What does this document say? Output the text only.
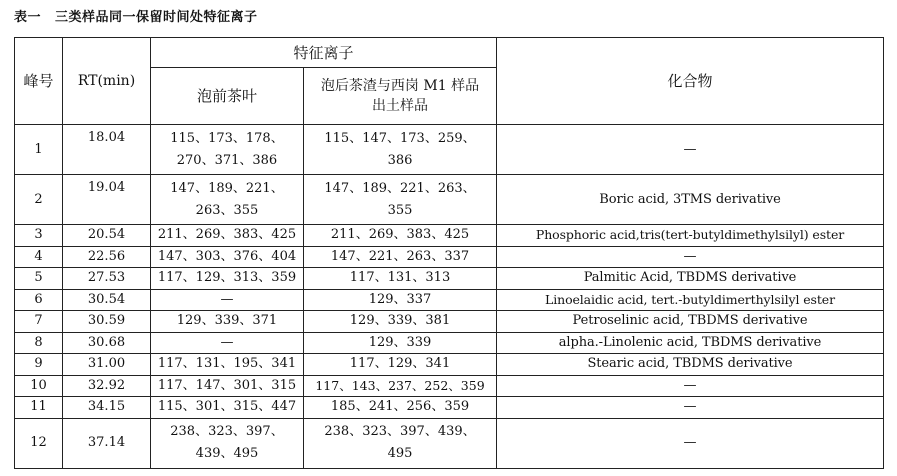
表一 三类样品同一保留时间处特征离子
峰号	RT(min)	特征离子		化合物
		泡前茶叶	泡后茶渣与西岗 M1 样品出土样品	
1	18.04	115、173、178、270、371、386	115、147、173、259、386	—
2	19.04	147、189、221、263、355	147、189、221、263、355	Boric acid, 3TMS derivative
3	20.54	211、269、383、425	211、269、383、425	Phosphoric acid,tris(tert-butyldimethylsilyl) ester
4	22.56	147、303、376、404	147、221、263、337	—
5	27.53	117、129、313、359	117、131、313	Palmitic Acid, TBDMS derivative
6	30.54	—	129、337	Linoelaidic acid, tert.-butyldimerthylsilyl ester
7	30.59	129、339、371	129、339、381	Petroselinic acid, TBDMS derivative
8	30.68	—	129、339	alpha.-Linolenic acid, TBDMS derivative
9	31.00	117、131、195、341	117、129、341	Stearic acid, TBDMS derivative
10	32.92	117、147、301、315	117、143、237、252、359	—
11	34.15	115、301、315、447	185、241、256、359	—
12	37.14	238、323、397、439、495	238、323、397、439、495	—
